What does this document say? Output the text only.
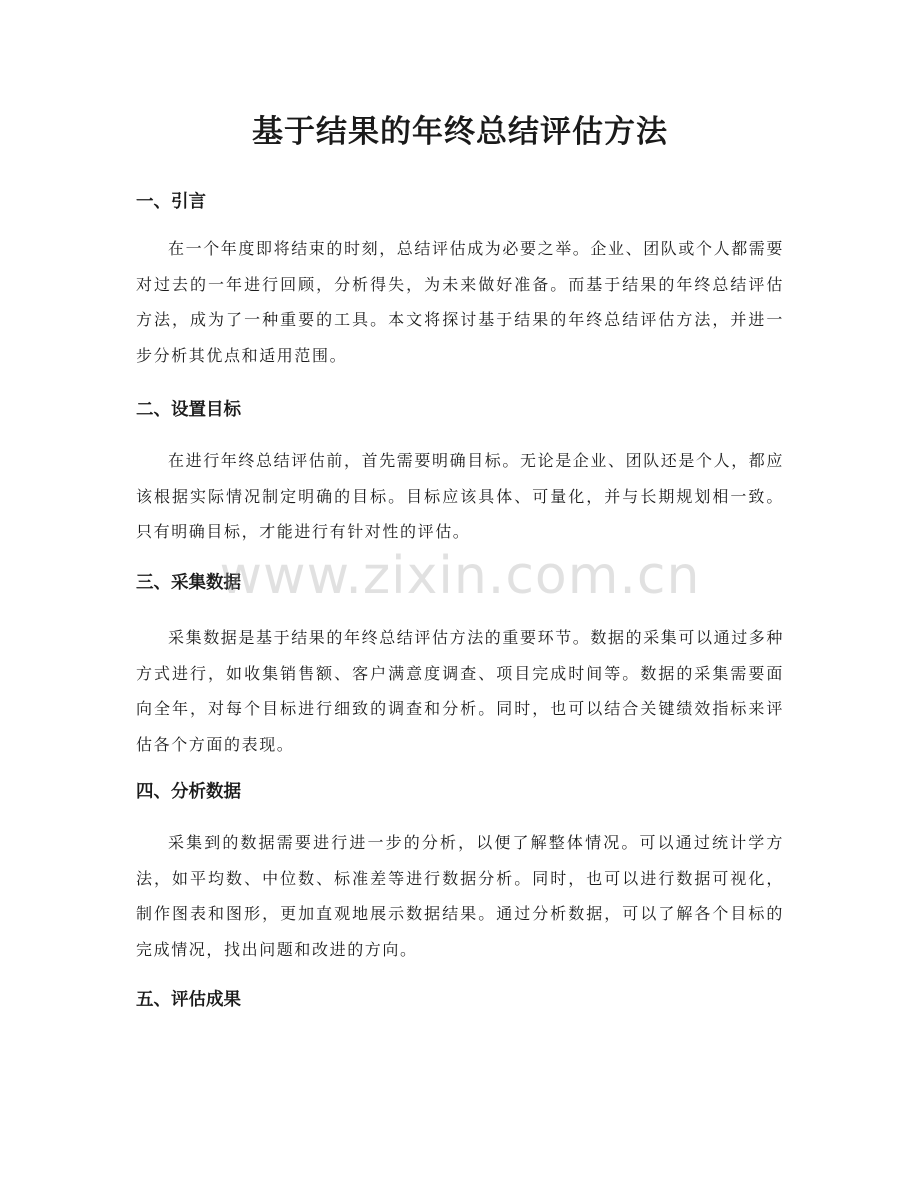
基于结果的年终总结评估方法
一、引言

在一个年度即将结束的时刻，总结评估成为必要之举。企业、团队或个人都需要对过去的一年进行回顾，分析得失，为未来做好准备。而基于结果的年终总结评估方法，成为了一种重要的工具。本文将探讨基于结果的年终总结评估方法，并进一步分析其优点和适用范围。

二、设置目标

在进行年终总结评估前，首先需要明确目标。无论是企业、团队还是个人，都应该根据实际情况制定明确的目标。目标应该具体、可量化，并与长期规划相一致。只有明确目标，才能进行有针对性的评估。

三、采集数据

采集数据是基于结果的年终总结评估方法的重要环节。数据的采集可以通过多种方式进行，如收集销售额、客户满意度调查、项目完成时间等。数据的采集需要面向全年，对每个目标进行细致的调查和分析。同时，也可以结合关键绩效指标来评估各个方面的表现。

四、分析数据

采集到的数据需要进行进一步的分析，以便了解整体情况。可以通过统计学方法，如平均数、中位数、标准差等进行数据分析。同时，也可以进行数据可视化，制作图表和图形，更加直观地展示数据结果。通过分析数据，可以了解各个目标的完成情况，找出问题和改进的方向。

五、评估成果
www.zixin.com.cn
